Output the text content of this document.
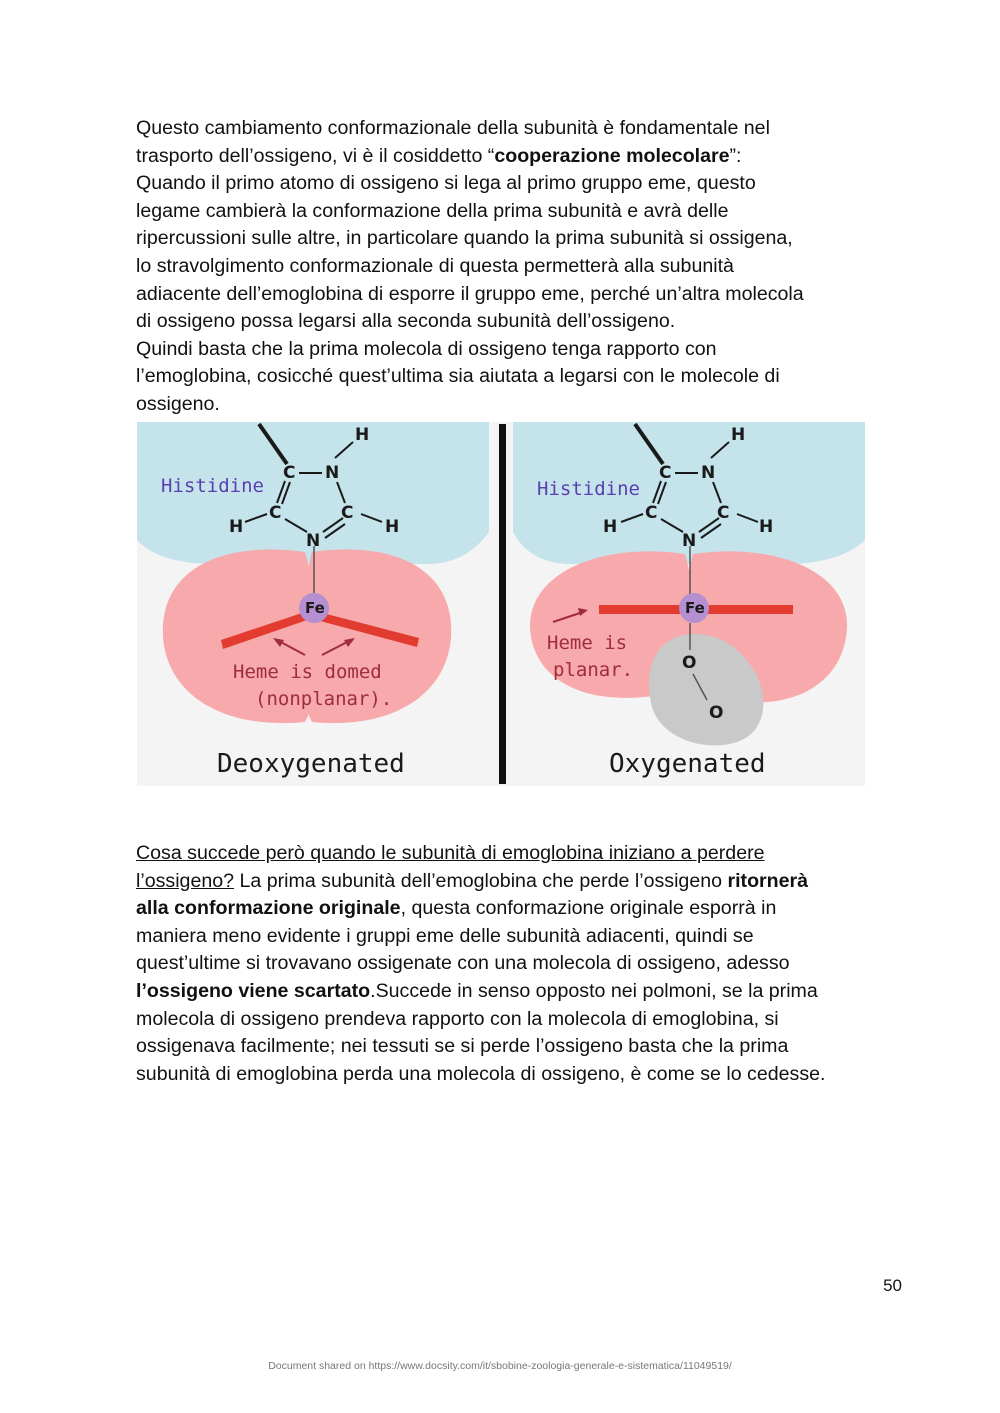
Questo cambiamento conformazionale della subunità è fondamentale nel
trasporto dell’ossigeno, vi è il cosiddetto “cooperazione molecolare”:
Quando il primo atomo di ossigeno si lega al primo gruppo eme, questo
legame cambierà la conformazione della prima subunità e avrà delle
ripercussioni sulle altre, in particolare quando la prima subunità si ossigena,
lo stravolgimento conformazionale di questa permetterà alla subunità
adiacente dell’emoglobina di esporre il gruppo eme, perché un’altra molecola
di ossigeno possa legarsi alla seconda subunità dell’ossigeno.
Quindi basta che la prima molecola di ossigeno tenga rapporto con
l’emoglobina, cosicché quest’ultima sia aiutata a legarsi con le molecole di
ossigeno.
Histidine
H
C N
C	C
N
H	H
Fe
Heme is domed
(nonplanar).
Deoxygenated
Histidine
H
C N
C	C
N
H	H
Fe
O
O
Heme is
planar.
Oxygenated
Cosa succede però quando le subunità di emoglobina iniziano a perdere
l’ossigeno? La prima subunità dell’emoglobina che perde l’ossigeno ritornerà
alla conformazione originale, questa conformazione originale esporrà in
maniera meno evidente i gruppi eme delle subunità adiacenti, quindi se
quest’ultime si trovavano ossigenate con una molecola di ossigeno, adesso
l’ossigeno viene scartato.Succede in senso opposto nei polmoni, se la prima
molecola di ossigeno prendeva rapporto con la molecola di emoglobina, si
ossigenava facilmente; nei tessuti se si perde l’ossigeno basta che la prima
subunità di emoglobina perda una molecola di ossigeno, è come se lo cedesse.
50
Document shared on https://www.docsity.com/it/sbobine-zoologia-generale-e-sistematica/11049519/
